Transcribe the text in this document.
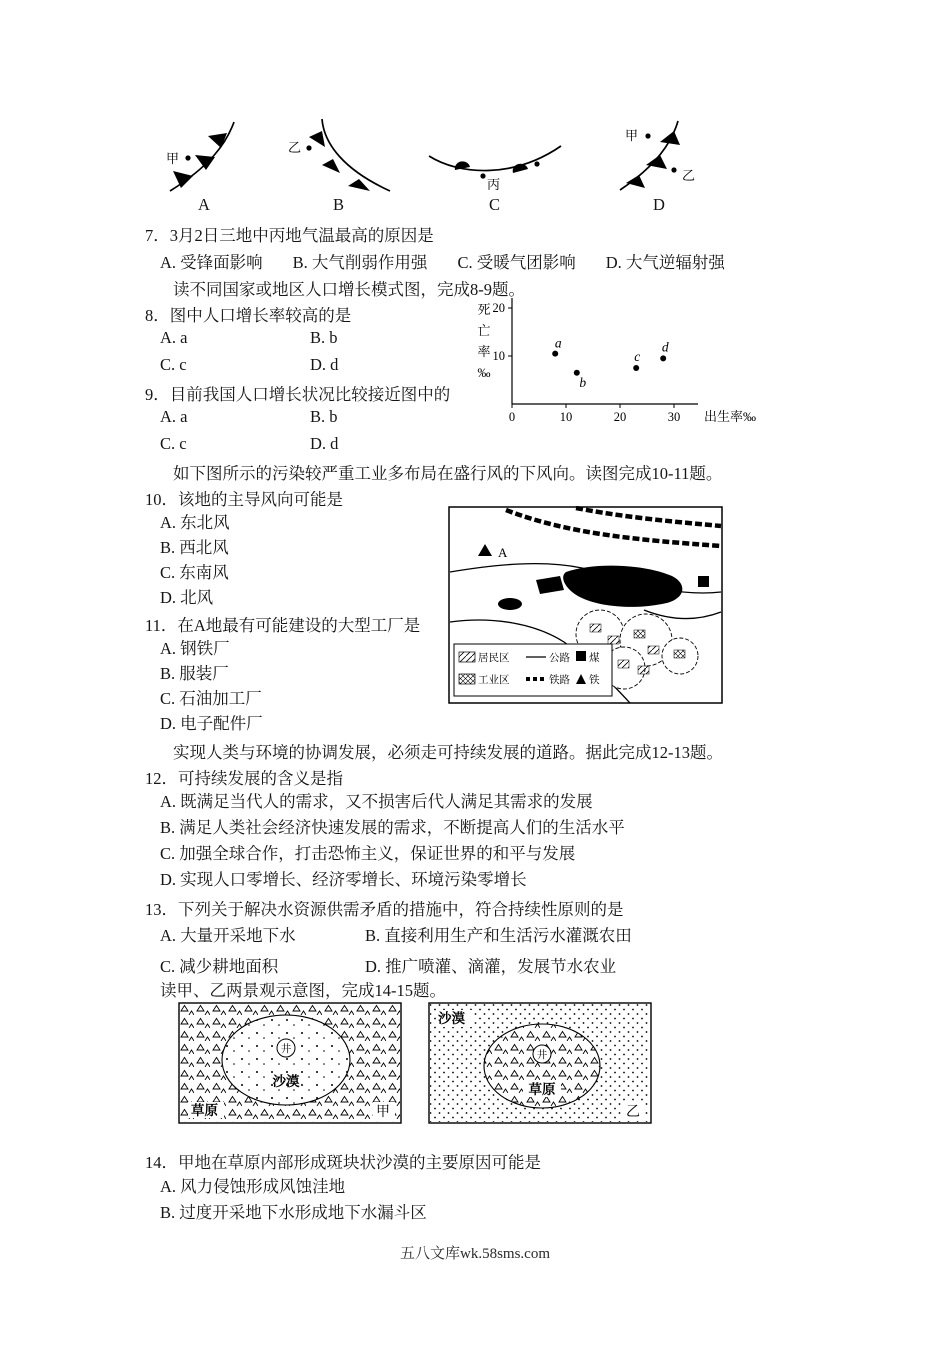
甲
乙
丙
甲
乙
A	B	C	D
7．3月2日三地中丙地气温最高的原因是
A. 受锋面影响 B. 大气削弱作用强 C. 受暖气团影响 D. 大气逆辐射强
读不同国家或地区人口增长模式图，完成8-9题。
8．图中人口增长率较高的是
A. a	B. b
C. c	D. d
9．目前我国人口增长状况比较接近图中的
A. a	B. b
C. c	D. d
0	10	20	30
10
20
死
亡
率
‰
出生率‰
a
b
c
d
如下图所示的污染较严重工业多布局在盛行风的下风向。读图完成10-11题。
10．该地的主导风向可能是
A. 东北风
B. 西北风
C. 东南风
D. 北风
11．在A地最有可能建设的大型工厂是
A. 钢铁厂
B. 服装厂
C. 石油加工厂
D. 电子配件厂
A
居民区	公路 煤
工业区	铁路 铁
实现人类与环境的协调发展，必须走可持续发展的道路。据此完成12-13题。
12．可持续发展的含义是指
A. 既满足当代人的需求，又不损害后代人满足其需求的发展
B. 满足人类社会经济快速发展的需求，不断提高人们的生活水平
C. 加强全球合作，打击恐怖主义，保证世界的和平与发展
D. 实现人口零增长、经济零增长、环境污染零增长
13．下列关于解决水资源供需矛盾的措施中，符合持续性原则的是
A. 大量开采地下水	B. 直接利用生产和生活污水灌溉农田
C. 减少耕地面积	D. 推广喷灌、滴灌，发展节水农业
读甲、乙两景观示意图，完成14-15题。
井
沙漠
草原	甲
沙漠
井
草原
乙
14．甲地在草原内部形成斑块状沙漠的主要原因可能是
A. 风力侵蚀形成风蚀洼地
B. 过度开采地下水形成地下水漏斗区
五八文库wk.58sms.com
